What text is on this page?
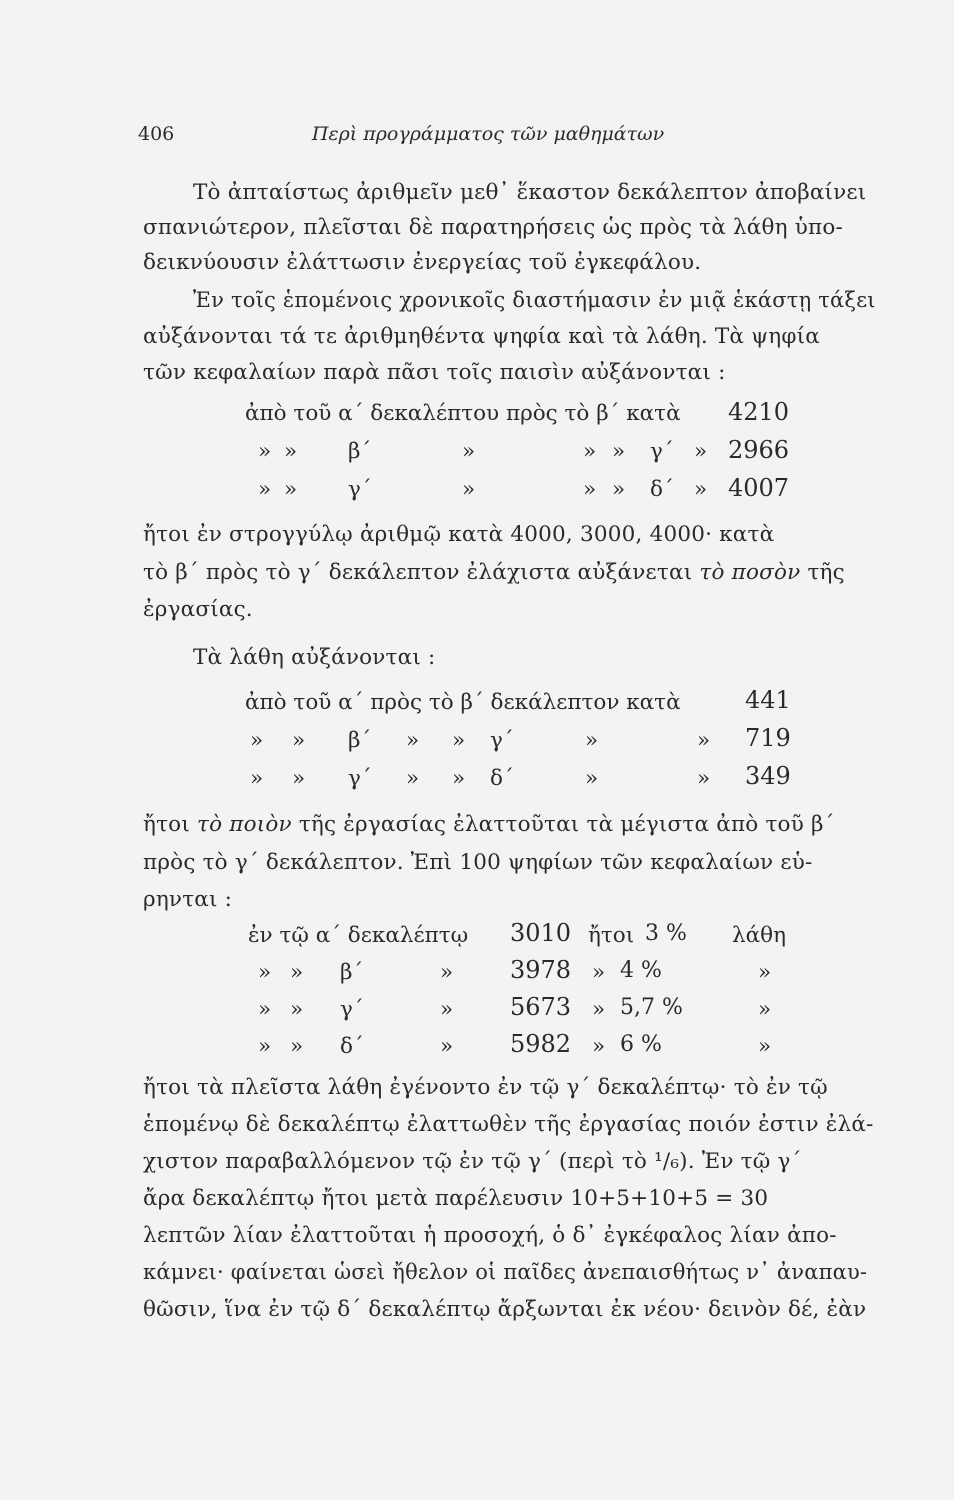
406	Περὶ προγράμματος τῶν μαθημάτων
Τὸ ἀπταίστως ἀριθμεῖν μεθ᾽ ἕκαστον δεκάλεπτον ἀποβαίνει
σπανιώτερον, πλεῖσται δὲ παρατηρήσεις ὡς πρὸς τὰ λάθη ὑπο-
δεικνύουσιν ἐλάττωσιν ἐνεργείας τοῦ ἐγκεφάλου.
Ἐν τοῖς ἑπομένοις χρονικοῖς διαστήμασιν ἐν μιᾷ ἑκάστῃ τάξει
αὐξάνονται τά τε ἀριθμηθέντα ψηφία καὶ τὰ λάθη. Τὰ ψηφία
τῶν κεφαλαίων παρὰ πᾶσι τοῖς παισὶν αὐξάνονται :
ἀπὸ τοῦ α΄ δεκαλέπτου πρὸς τὸ β΄ κατὰ 4210
» » β΄	»	» » γ΄ » 2966
» » γ΄	»	» » δ΄ » 4007
ἤτοι ἐν στρογγύλῳ ἀριθμῷ κατὰ 4000, 3000, 4000· κατὰ
τὸ β΄ πρὸς τὸ γ΄ δεκάλεπτον ἐλάχιστα αὐξάνεται τὸ ποσὸν τῆς
ἐργασίας.
Τὰ λάθη αὐξάνονται :
ἀπὸ τοῦ α΄ πρὸς τὸ β΄ δεκάλεπτον κατὰ	441
» » β΄ » » γ΄	»	» 719
» » γ΄ » » δ΄	»	» 349
ἤτοι τὸ ποιὸν τῆς ἐργασίας ἐλαττοῦται τὰ μέγιστα ἀπὸ τοῦ β΄
πρὸς τὸ γ΄ δεκάλεπτον. Ἐπὶ 100 ψηφίων τῶν κεφαλαίων εὑ-
ρηνται :
ἐν τῷ α΄ δεκαλέπτῳ 3010 ἤτοι 3 % λάθη
» » β΄	» 3978 » 4 %	»
» » γ΄	» 5673 » 5,7 %	»
» » δ΄	» 5982 » 6 %	»
ἤτοι τὰ πλεῖστα λάθη ἐγένοντο ἐν τῷ γ΄ δεκαλέπτῳ· τὸ ἐν τῷ
ἑπομένῳ δὲ δεκαλέπτῳ ἐλαττωθὲν τῆς ἐργασίας ποιόν ἐστιν ἐλά-
χιστον παραβαλλόμενον τῷ ἐν τῷ γ΄ (περὶ τὸ ¹/₆). Ἐν τῷ γ΄
ἄρα δεκαλέπτῳ ἤτοι μετὰ παρέλευσιν 10+5+10+5 = 30
λεπτῶν λίαν ἐλαττοῦται ἡ προσοχή, ὁ δ᾽ ἐγκέφαλος λίαν ἀπο-
κάμνει· φαίνεται ὡσεὶ ἤθελον οἱ παῖδες ἀνεπαισθήτως ν᾽ ἀναπαυ-
θῶσιν, ἵνα ἐν τῷ δ΄ δεκαλέπτῳ ἄρξωνται ἐκ νέου· δεινὸν δέ, ἐὰν
